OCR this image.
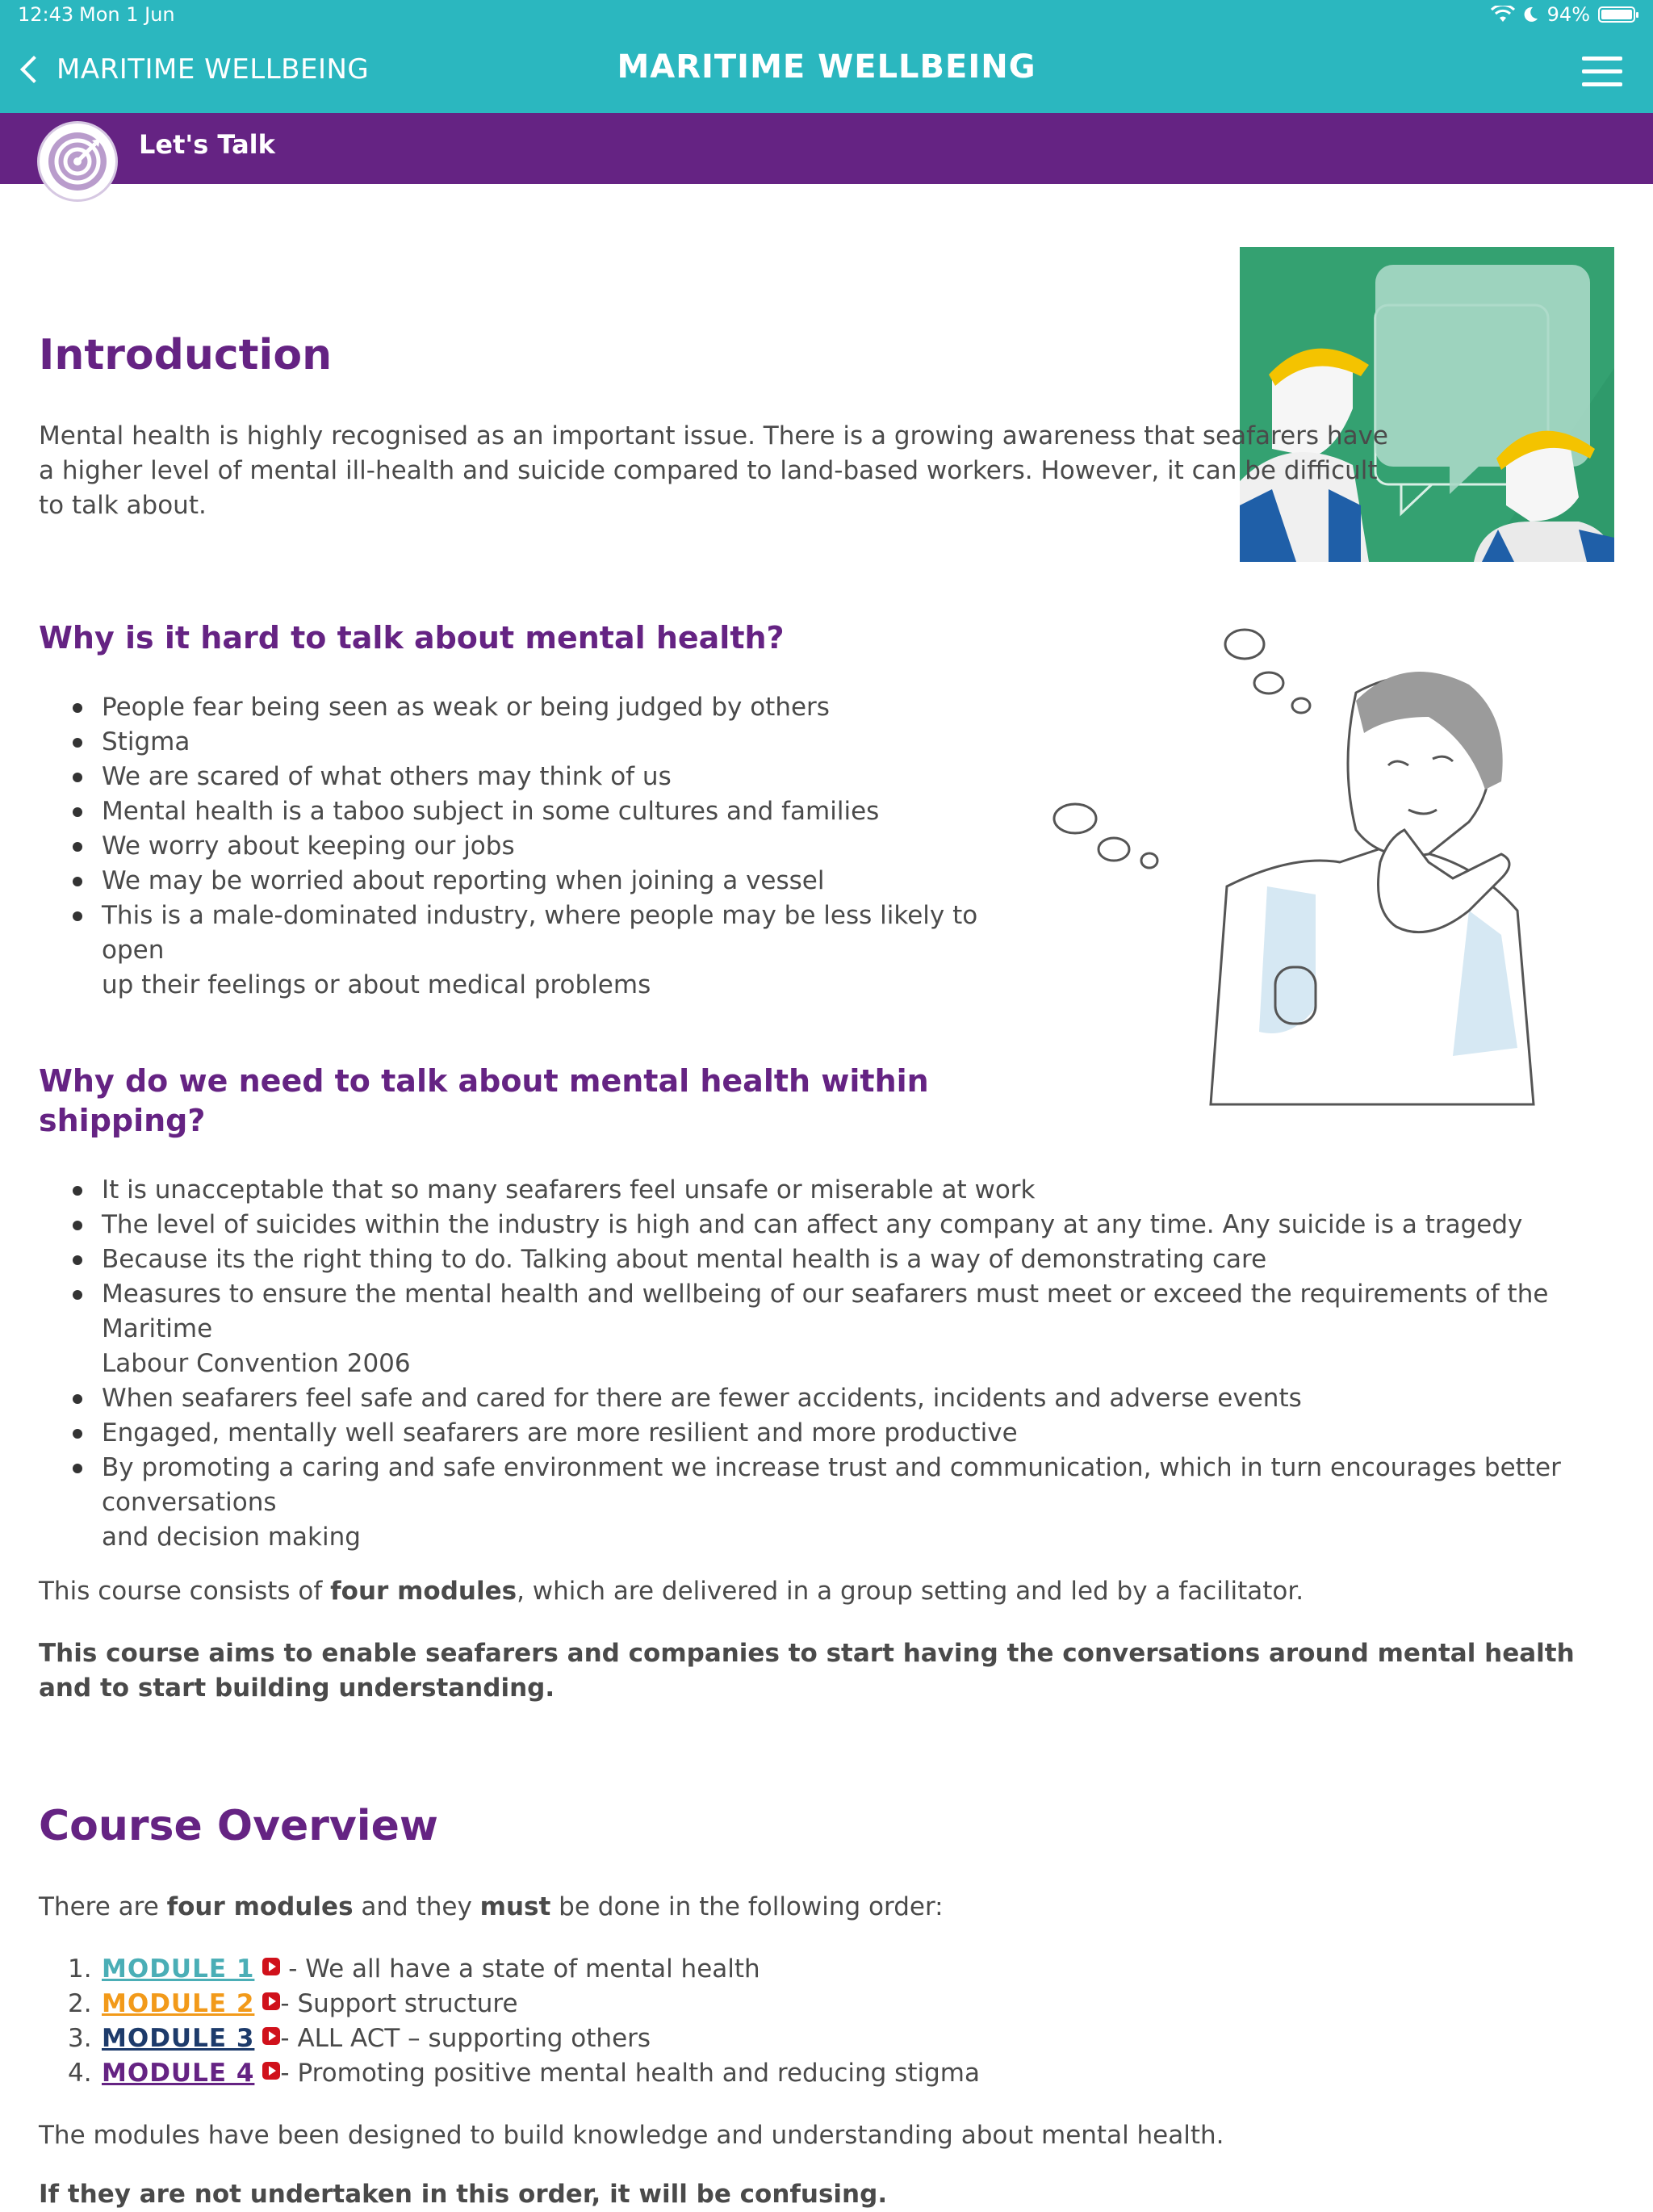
12:43 Mon 1 Jun	94%
MARITIME WELLBEING	MARITIME WELLBEING
Let's Talk
Introduction

Mental health is highly recognised as an important issue. There is a growing awareness that seafarers have

a higher level of mental ill-health and suicide compared to land-based workers. However, it can be difficult

to talk about.

Why is it hard to talk about mental health?
People fear being seen as weak or being judged by others
Stigma
We are scared of what others may think of us
Mental health is a taboo subject in some cultures and families
We worry about keeping our jobs
We may be worried about reporting when joining a vessel
This is a male-dominated industry, where people may be less likely to open
up their feelings or about medical problems
Why do we need to talk about mental health within
shipping?
It is unacceptable that so many seafarers feel unsafe or miserable at work
The level of suicides within the industry is high and can affect any company at any time. Any suicide is a tragedy
Because its the right thing to do. Talking about mental health is a way of demonstrating care
Measures to ensure the mental health and wellbeing of our seafarers must meet or exceed the requirements of the Maritime
Labour Convention 2006
When seafarers feel safe and cared for there are fewer accidents, incidents and adverse events
Engaged, mentally well seafarers are more resilient and more productive
By promoting a caring and safe environment we increase trust and communication, which in turn encourages better conversations
and decision making

This course consists of four modules, which are delivered in a group setting and led by a facilitator.

This course aims to enable seafarers and companies to start having the conversations around mental health

and to start building understanding.

Course Overview

There are four modules and they must be done in the following order:

1. MODULE 1 - We all have a state of mental health
2. MODULE 2 - Support structure
3. MODULE 3 - ALL ACT – supporting others
4. MODULE 4 - Promoting positive mental health and reducing stigma

The modules have been designed to build knowledge and understanding about mental health.

If they are not undertaken in this order, it will be confusing.
